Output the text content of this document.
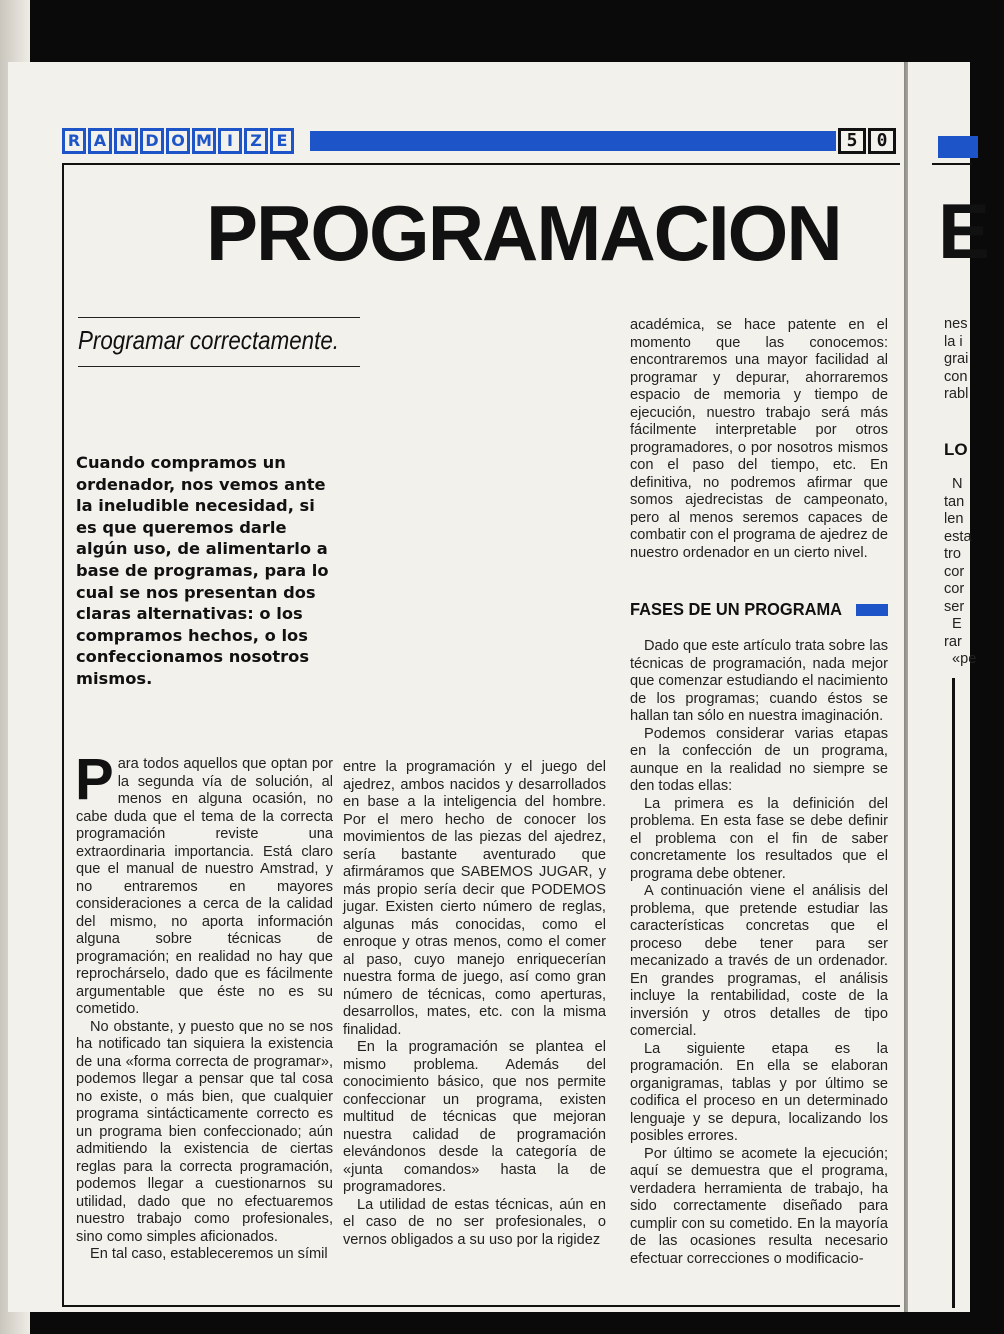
R A N D O M I	Z E	5	0
PROGRAMACION
Programar correctamente.

Cuando compramos un ordenador, nos vemos ante la ineludible necesidad, si es que queremos darle algún uso, de alimentarlo a base de programas, para lo cual se nos presentan dos claras alternativas: o los compramos hechos, o los confeccionamos nosotros mismos.

Para todos aquellos que optan por la segunda vía de solución, al menos en alguna ocasión, no cabe duda que el tema de la correcta programación reviste una extraordinaria importancia. Está claro que el manual de nuestro Amstrad, y no entraremos en mayores consideraciones a cerca de la calidad del mismo, no aporta información alguna sobre técnicas de programación; en realidad no hay que reprochárselo, dado que es fácilmente argumentable que éste no es su cometido.

No obstante, y puesto que no se nos ha notificado tan siquiera la existencia de una «forma correcta de programar», podemos llegar a pensar que tal cosa no existe, o más bien, que cualquier programa sintácticamente correcto es un programa bien confeccionado; aún admitiendo la existencia de ciertas reglas para la correcta programación, podemos llegar a cuestionarnos su utilidad, dado que no efectuaremos nuestro trabajo como profesionales, sino como simples aficionados.

En tal caso, estableceremos un símil

entre la programación y el juego del ajedrez, ambos nacidos y desarrollados en base a la inteligencia del hombre. Por el mero hecho de conocer los movimientos de las piezas del ajedrez, sería bastante aventurado que afirmáramos que SABEMOS JUGAR, y más propio sería decir que PODEMOS jugar. Existen cierto número de reglas, algunas más conocidas, como el enroque y otras menos, como el comer al paso, cuyo manejo enriquecerían nuestra forma de juego, así como gran número de técnicas, como aperturas, desarrollos, mates, etc. con la misma finalidad.

En la programación se plantea el mismo problema. Además del conocimiento básico, que nos permite confeccionar un programa, existen multitud de técnicas que mejoran nuestra calidad de programación elevándonos desde la categoría de «junta comandos» hasta la de programadores.

La utilidad de estas técnicas, aún en el caso de no ser profesionales, o vernos obligados a su uso por la rigidez

académica, se hace patente en el momento que las conocemos: encontraremos una mayor facilidad al programar y depurar, ahorraremos espacio de memoria y tiempo de ejecución, nuestro trabajo será más fácilmente interpretable por otros programadores, o por nosotros mismos con el paso del tiempo, etc. En definitiva, no podremos afirmar que somos ajedrecistas de campeonato, pero al menos seremos capaces de combatir con el programa de ajedrez de nuestro ordenador en un cierto nivel.

FASES DE UN PROGRAMA

Dado que este artículo trata sobre las técnicas de programación, nada mejor que comenzar estudiando el nacimiento de los programas; cuando éstos se hallan tan sólo en nuestra imaginación.

Podemos considerar varias etapas en la confección de un programa, aunque en la realidad no siempre se den todas ellas:

La primera es la definición del problema. En esta fase se debe definir el problema con el fin de saber concretamente los resultados que el programa debe obtener.

A continuación viene el análisis del problema, que pretende estudiar las características concretas que el proceso debe tener para ser mecanizado a través de un ordenador. En grandes programas, el análisis incluye la rentabilidad, coste de la inversión y otros detalles de tipo comercial.

La siguiente etapa es la programación. En ella se elaboran organigramas, tablas y por último se codifica el proceso en un determinado lenguaje y se depura, localizando los posibles errores.

Por último se acomete la ejecución; aquí se demuestra que el programa, verdadera herramienta de trabajo, ha sido correctamente diseñado para cumplir con su cometido. En la mayoría de las ocasiones resulta necesario efectuar correcciones o modificacio-

E
nes
la i
grai
con
rabl
LO
N
tan
len
esta
tro
cor
cor
ser
E
rar
«pe
